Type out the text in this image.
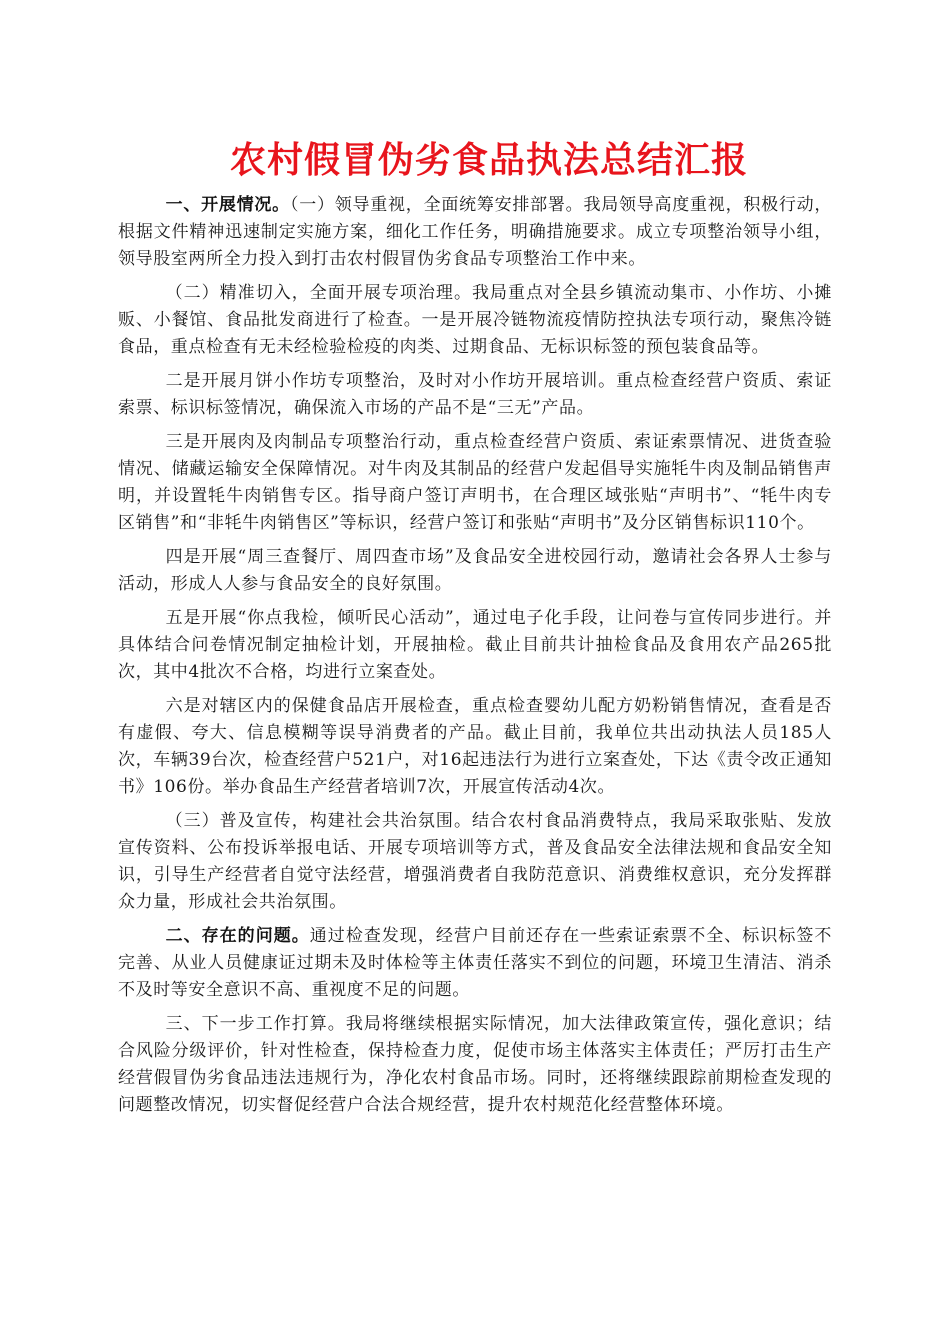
农村假冒伪劣食品执法总结汇报

一、开展情况。（一）领导重视，全面统筹安排部署。我局领导高度重视，积极行动，根据文件精神迅速制定实施方案，细化工作任务，明确措施要求。成立专项整治领导小组，领导股室两所全力投入到打击农村假冒伪劣食品专项整治工作中来。

（二）精准切入，全面开展专项治理。我局重点对全县乡镇流动集市、小作坊、小摊贩、小餐馆、食品批发商进行了检查。一是开展冷链物流疫情防控执法专项行动，聚焦冷链食品，重点检查有无未经检验检疫的肉类、过期食品、无标识标签的预包装食品等。

二是开展月饼小作坊专项整治，及时对小作坊开展培训。重点检查经营户资质、索证索票、标识标签情况，确保流入市场的产品不是“三无”产品。

三是开展肉及肉制品专项整治行动，重点检查经营户资质、索证索票情况、进货查验情况、储藏运输安全保障情况。对牛肉及其制品的经营户发起倡导实施牦牛肉及制品销售声明，并设置牦牛肉销售专区。指导商户签订声明书，在合理区域张贴“声明书”、“牦牛肉专区销售”和“非牦牛肉销售区”等标识，经营户签订和张贴“声明书”及分区销售标识110个。

四是开展“周三查餐厅、周四查市场”及食品安全进校园行动，邀请社会各界人士参与活动，形成人人参与食品安全的良好氛围。

五是开展“你点我检，倾听民心活动”，通过电子化手段，让问卷与宣传同步进行。并具体结合问卷情况制定抽检计划，开展抽检。截止目前共计抽检食品及食用农产品265批次，其中4批次不合格，均进行立案查处。

六是对辖区内的保健食品店开展检查，重点检查婴幼儿配方奶粉销售情况，查看是否有虚假、夸大、信息模糊等误导消费者的产品。截止目前，我单位共出动执法人员185人次，车辆39台次，检查经营户521户，对16起违法行为进行立案查处，下达《责令改正通知书》106份。举办食品生产经营者培训7次，开展宣传活动4次。

（三）普及宣传，构建社会共治氛围。结合农村食品消费特点，我局采取张贴、发放宣传资料、公布投诉举报电话、开展专项培训等方式，普及食品安全法律法规和食品安全知识，引导生产经营者自觉守法经营，增强消费者自我防范意识、消费维权意识，充分发挥群众力量，形成社会共治氛围。

二、存在的问题。通过检查发现，经营户目前还存在一些索证索票不全、标识标签不完善、从业人员健康证过期未及时体检等主体责任落实不到位的问题，环境卫生清洁、消杀不及时等安全意识不高、重视度不足的问题。

三、下一步工作打算。我局将继续根据实际情况，加大法律政策宣传，强化意识；结合风险分级评价，针对性检查，保持检查力度，促使市场主体落实主体责任；严厉打击生产经营假冒伪劣食品违法违规行为，净化农村食品市场。同时，还将继续跟踪前期检查发现的问题整改情况，切实督促经营户合法合规经营，提升农村规范化经营整体环境。
